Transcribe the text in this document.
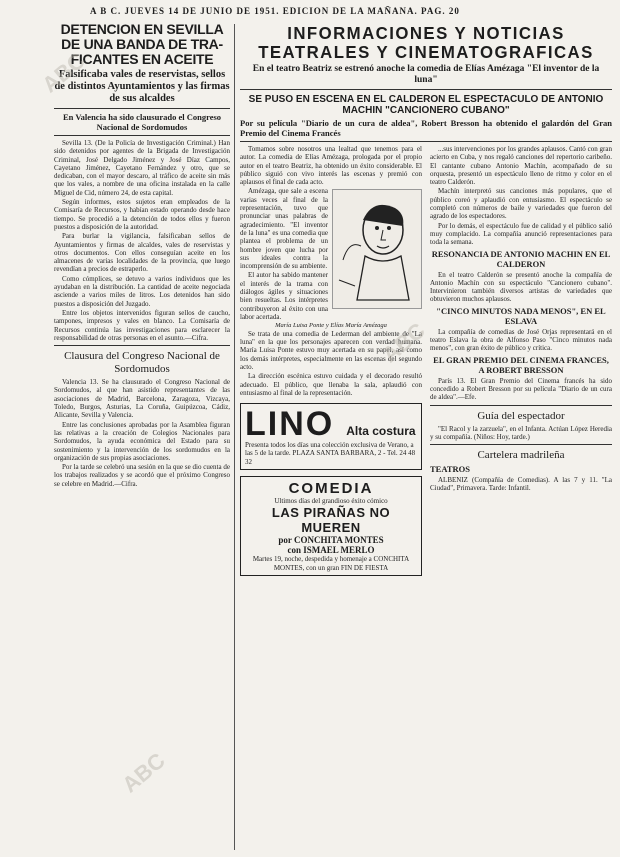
A B C. JUEVES 14 DE JUNIO DE 1951. EDICION DE LA MAÑANA. PAG. 20
DETENCION EN SEVILLA
DE UNA BANDA DE TRA-
FICANTES EN ACEITE
Falsificaba vales de reservistas, sellos de distintos Ayuntamientos y las firmas de sus alcaldes
En Valencia ha sido clausurado el Congreso Nacional de Sordomudos

Sevilla 13. (De la Policía de Investigación Criminal.) Han sido detenidos por agentes de la Brigada de Investigación Criminal, José Delgado Jiménez y José Díaz Campos, Cayetano Jiménez, Cayetano Fernández y otro, que se dedicaban, con el mayor descaro, al tráfico de aceite sin más que los vales, a nombre de una oficina instalada en la calle Miguel de Cid, número 24, de esta capital.

Según informes, estos sujetos eran empleados de la Comisaría de Recursos, y habían estado operando desde hace tiempo. Se procedió a la detención de todos ellos y fueron puestos a disposición de la autoridad.

Para burlar la vigilancia, falsificaban sellos de Ayuntamientos y firmas de alcaldes, vales de reservistas y otros documentos. Con ellos conseguían aceite en los almacenes de varias localidades de la provincia, que luego revendían a precios de estraperlo.

Como cómplices, se detuvo a varios individuos que les ayudaban en la distribución. La cantidad de aceite negociada asciende a varios miles de litros. Los detenidos han sido puestos a disposición del Juzgado.

Entre los objetos intervenidos figuran sellos de caucho, tampones, impresos y vales en blanco. La Comisaría de Recursos continúa las investigaciones para esclarecer la responsabilidad de otras personas en el asunto.—Cifra.

Clausura del Congreso Nacional de Sordomudos

Valencia 13. Se ha clausurado el Congreso Nacional de Sordomudos, al que han asistido representantes de las asociaciones de Madrid, Barcelona, Zaragoza, Vizcaya, Toledo, Burgos, Asturias, La Coruña, Guipúzcoa, Cádiz, Alicante, Sevilla y Valencia.

Entre las conclusiones aprobadas por la Asamblea figuran las relativas a la creación de Colegios Nacionales para Sordomudos, la ayuda económica del Estado para su sostenimiento y la intervención de los sordomudos en la organización de sus propias asociaciones.

Por la tarde se celebró una sesión en la que se dio cuenta de los trabajos realizados y se acordó que el próximo Congreso se celebre en Madrid.—Cifra.

INFORMACIONES Y NOTICIAS
TEATRALES Y CINEMATOGRAFICAS
En el teatro Beatriz se estrenó anoche la comedia de Elías Amézaga "El inventor de la luna"
SE PUSO EN ESCENA EN EL CALDERON EL ESPECTACULO DE ANTONIO MACHIN "CANCIONERO CUBANO"
Por su película "Diario de un cura de aldea", Robert Bresson ha obtenido el galardón del Gran Premio del Cinema Francés

Tomamos sobre nosotros una lealtad que tenemos para el autor. La comedia de Elías Amézaga, prologada por el propio autor en el teatro Beatriz, ha obtenido un éxito considerable. El público siguió con vivo interés las escenas y premió con aplausos el final de cada acto.

Amézaga, que sale a escena varias veces al final de la representación, tuvo que pronunciar unas palabras de agradecimiento. "El inventor de la luna" es una comedia que plantea el problema de un hombre joven que lucha por sus ideales contra la incomprensión de su ambiente.

El autor ha sabido mantener el interés de la trama con diálogos ágiles y situaciones bien resueltas. Los intérpretes contribuyeron al éxito con una labor acertada.

María Luisa Ponte y Elías María Amézaga

Se trata de una comedia de Lederman del ambiente de "La luna" en la que los personajes aparecen con verdad humana. María Luisa Ponte estuvo muy acertada en su papel, así como los demás intérpretes, especialmente en las escenas del segundo acto.

La dirección escénica estuvo cuidada y el decorado resultó adecuado. El público, que llenaba la sala, aplaudió con entusiasmo al final de la representación.

LINO Alta costura
Presenta todos los días una colección exclusiva de Verano, a las 5 de la tarde. PLAZA SANTA BARBARA, 2 - Tel. 24 48 32
COMEDIA
Ultimos días del grandioso éxito cómico
LAS PIRAÑAS NO MUEREN
por CONCHITA MONTES
con ISMAEL MERLO
Martes 19, noche, despedida y homenaje a CONCHITA MONTES, con un gran FIN DE FIESTA

...sus intervenciones por los grandes aplausos. Cantó con gran acierto en Cuba, y nos regaló canciones del repertorio caribeño. El cantante cubano Antonio Machín, acompañado de su orquesta, presentó un espectáculo lleno de ritmo y color en el teatro Calderón.

Machín interpretó sus canciones más populares, que el público coreó y aplaudió con entusiasmo. El espectáculo se completó con números de baile y variedades que fueron del agrado de los espectadores.

Por lo demás, el espectáculo fue de calidad y el público salió muy complacido. La compañía anunció representaciones para toda la semana.

RESONANCIA DE ANTONIO MACHIN EN EL CALDERON

En el teatro Calderón se presentó anoche la compañía de Antonio Machín con su espectáculo "Cancionero cubano". Intervinieron también diversos artistas de variedades que obtuvieron muchos aplausos.

"CINCO MINUTOS NADA MENOS", EN EL ESLAVA

La compañía de comedias de José Orjas representará en el teatro Eslava la obra de Alfonso Paso "Cinco minutos nada menos", con gran éxito de público y crítica.

EL GRAN PREMIO DEL CINEMA FRANCES, A ROBERT BRESSON

París 13. El Gran Premio del Cinema francés ha sido concedido a Robert Bresson por su película "Diario de un cura de aldea".—Efe.

Guía del espectador

"El Racol y la zarzuela", en el Infanta. Actúan López Heredia y su compañía. (Niños: Hoy, tarde.)

Cartelera madrileña
TEATROS

ALBENIZ (Compañía de Comedias). A las 7 y 11. "La Ciudad", Primavera. Tarde: Infantil.

ABC
ABC
ABC
